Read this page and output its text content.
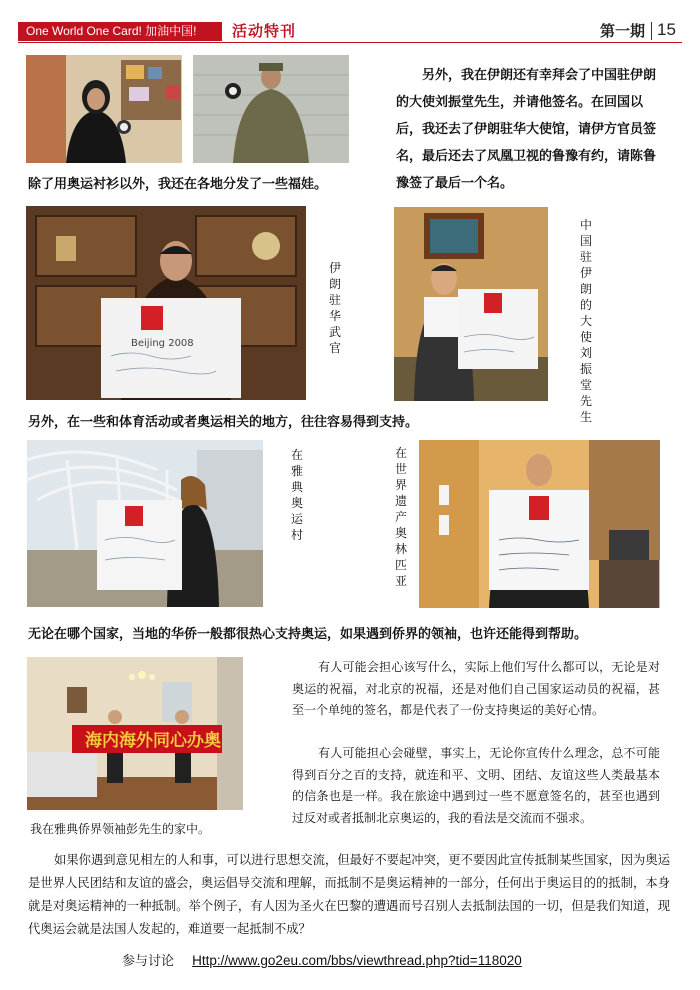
One World One Card! 加油中国!	活动特刊	第一期 15
除了用奥运衬衫以外，我还在各地分发了一些福娃。
另外，我在伊朗还有幸拜会了中国驻伊朗的大使刘振堂先生，并请他签名。在回国以后，我还去了伊朗驻华大使馆，请伊方官员签名，最后还去了凤凰卫视的鲁豫有约，请陈鲁豫签了最后一个名。
Beijing 2008
伊朗驻华武官
中国驻伊朗的大使刘振堂先生
另外，在一些和体育活动或者奥运相关的地方，往往容易得到支持。
在雅典奥运村
在世界遗产奥林匹亚
无论在哪个国家，当地的华侨一般都很热心支持奥运，如果遇到侨界的领袖，也许还能得到帮助。
海内海外同心办奥
我在雅典侨界领袖彭先生的家中。
有人可能会担心该写什么，实际上他们写什么都可以，无论是对奥运的祝福，对北京的祝福，还是对他们自己国家运动员的祝福，甚至一个单纯的签名，都是代表了一份支持奥运的美好心情。
有人可能担心会碰壁，事实上，无论你宣传什么理念，总不可能得到百分之百的支持，就连和平、文明、团结、友谊这些人类最基本的信条也是一样。我在旅途中遇到过一些不愿意签名的，甚至也遇到过反对或者抵制北京奥运的，我的看法是交流而不强求。
如果你遇到意见相左的人和事，可以进行思想交流，但最好不要起冲突，更不要因此宣传抵制某些国家，因为奥运是世界人民团结和友谊的盛会，奥运倡导交流和理解，而抵制不是奥运精神的一部分，任何出于奥运目的的抵制，本身就是对奥运精神的一种抵制。举个例子，有人因为圣火在巴黎的遭遇而号召别人去抵制法国的一切，但是我们知道，现代奥运会就是法国人发起的，难道要一起抵制不成？
参与讨论 Http://www.go2eu.com/bbs/viewthread.php?tid=118020
